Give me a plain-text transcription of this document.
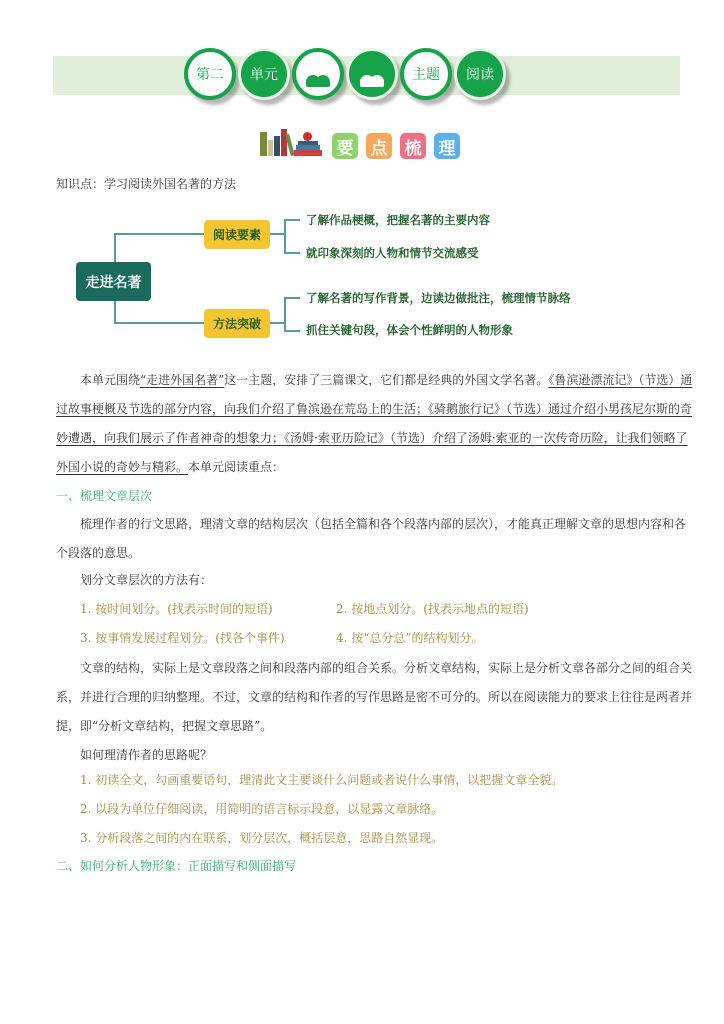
第二 单元	主题 阅读
要 点 梳 理
知识点：学习阅读外国名著的方法
走进名著
阅读要素
方法突破
了解作品梗概，把握名著的主要内容
就印象深刻的人物和情节交流感受
了解名著的写作背景，边读边做批注，梳理情节脉络
抓住关键句段，体会个性鲜明的人物形象
本单元围绕“走进外国名著”这一主题，安排了三篇课文，它们都是经典的外国文学名著。《鲁滨逊漂流记》（节选）通过故事梗概及节选的部分内容，向我们介绍了鲁滨逊在荒岛上的生活；《骑鹅旅行记》（节选）通过介绍小男孩尼尔斯的奇妙遭遇，向我们展示了作者神奇的想象力；《汤姆·索亚历险记》（节选）介绍了汤姆·索亚的一次传奇历险，让我们领略了外国小说的奇妙与精彩。本单元阅读重点：
一、梳理文章层次
梳理作者的行文思路，理清文章的结构层次（包括全篇和各个段落内部的层次），才能真正理解文章的思想内容和各个段落的意思。
划分文章层次的方法有：
1. 按时间划分。(找表示时间的短语)	2. 按地点划分。(找表示地点的短语)
3. 按事情发展过程划分。(找各个事件)	4. 按“总分总”的结构划分。
文章的结构，实际上是文章段落之间和段落内部的组合关系。分析文章结构，实际上是分析文章各部分之间的组合关系，并进行合理的归纳整理。不过，文章的结构和作者的写作思路是密不可分的。所以在阅读能力的要求上往往是两者并提，即“分析文章结构，把握文章思路”。
如何理清作者的思路呢？
1. 初读全文，勾画重要语句，理清此文主要谈什么问题或者说什么事情，以把握文章全貌。
2. 以段为单位仔细阅读，用简明的语言标示段意，以显露文章脉络。
3. 分析段落之间的内在联系，划分层次，概括层意，思路自然显现。
二、如何分析人物形象：正面描写和侧面描写
